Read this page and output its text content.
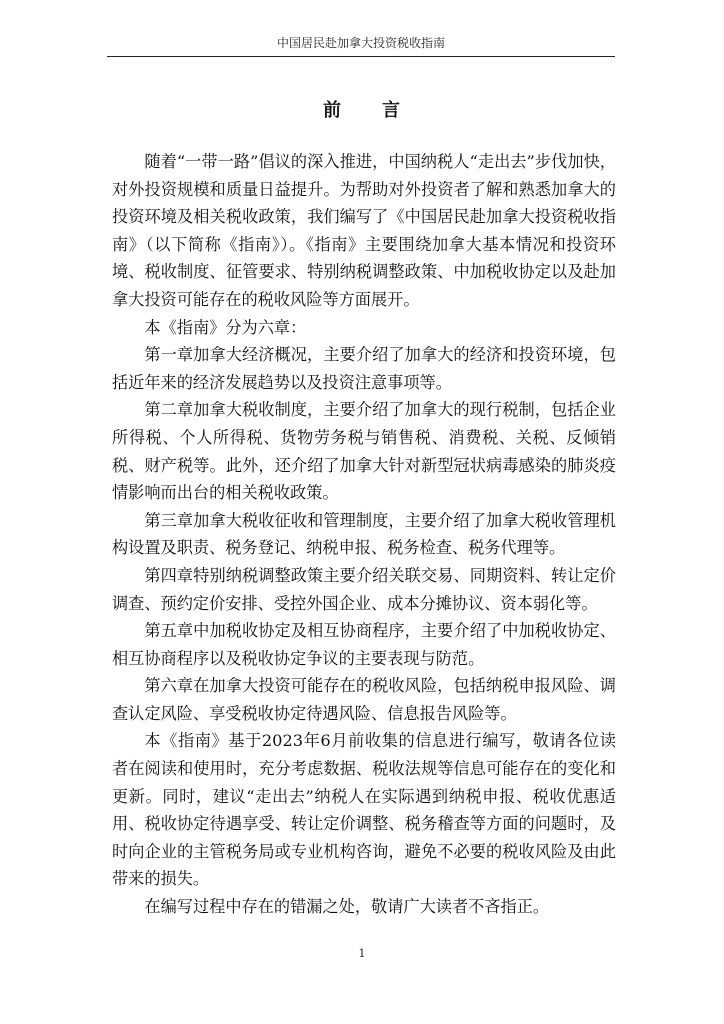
中国居民赴加拿大投资税收指南
前 言

随着“一带一路”倡议的深入推进，中国纳税人“走出去”步伐加快，对外投资规模和质量日益提升。为帮助对外投资者了解和熟悉加拿大的投资环境及相关税收政策，我们编写了《中国居民赴加拿大投资税收指南》（以下简称《指南》）。《指南》主要围绕加拿大基本情况和投资环境、税收制度、征管要求、特别纳税调整政策、中加税收协定以及赴加拿大投资可能存在的税收风险等方面展开。

本《指南》分为六章：

第一章加拿大经济概况，主要介绍了加拿大的经济和投资环境，包括近年来的经济发展趋势以及投资注意事项等。

第二章加拿大税收制度，主要介绍了加拿大的现行税制，包括企业所得税、个人所得税、货物劳务税与销售税、消费税、关税、反倾销税、财产税等。此外，还介绍了加拿大针对新型冠状病毒感染的肺炎疫情影响而出台的相关税收政策。

第三章加拿大税收征收和管理制度，主要介绍了加拿大税收管理机构设置及职责、税务登记、纳税申报、税务检查、税务代理等。

第四章特别纳税调整政策主要介绍关联交易、同期资料、转让定价调查、预约定价安排、受控外国企业、成本分摊协议、资本弱化等。

第五章中加税收协定及相互协商程序，主要介绍了中加税收协定、相互协商程序以及税收协定争议的主要表现与防范。

第六章在加拿大投资可能存在的税收风险，包括纳税申报风险、调查认定风险、享受税收协定待遇风险、信息报告风险等。

本《指南》基于2023年6月前收集的信息进行编写，敬请各位读者在阅读和使用时，充分考虑数据、税收法规等信息可能存在的变化和更新。同时，建议“走出去”纳税人在实际遇到纳税申报、税收优惠适用、税收协定待遇享受、转让定价调整、税务稽查等方面的问题时，及时向企业的主管税务局或专业机构咨询，避免不必要的税收风险及由此带来的损失。

在编写过程中存在的错漏之处，敬请广大读者不吝指正。

1
